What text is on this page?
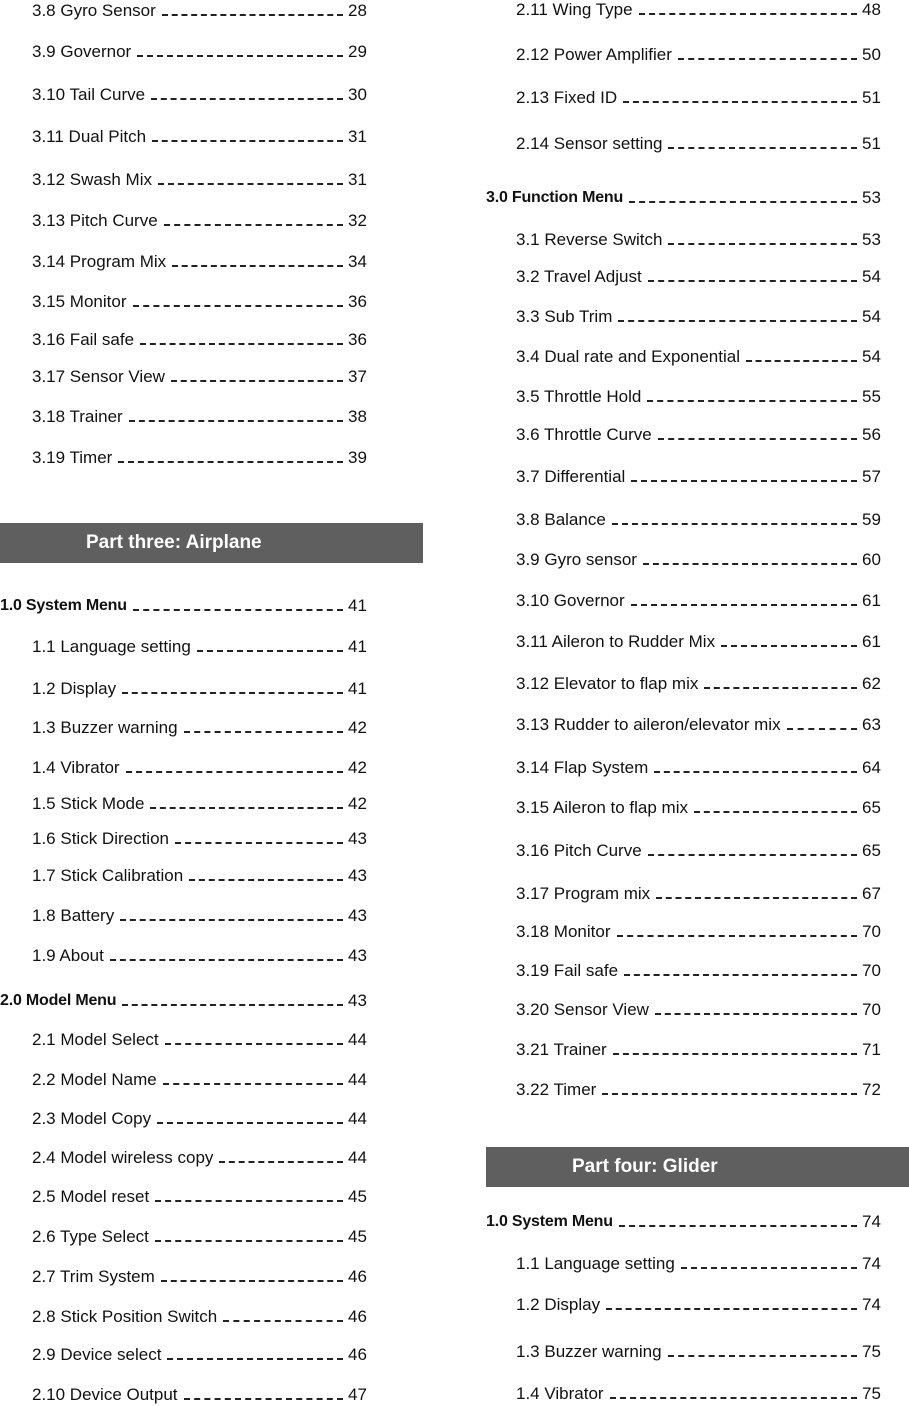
3.8 Gyro Sensor	28
3.9 Governor	29
3.10 Tail Curve	30
3.11 Dual Pitch	31
3.12 Swash Mix	31
3.13 Pitch Curve	32
3.14 Program Mix	34
3.15 Monitor	36
3.16 Fail safe	36
3.17 Sensor View	37
3.18 Trainer	38
3.19 Timer	39
Part three: Airplane
1.0 System Menu	41
1.1 Language setting	41
1.2 Display	41
1.3 Buzzer warning	42
1.4 Vibrator	42
1.5 Stick Mode	42
1.6 Stick Direction	43
1.7 Stick Calibration	43
1.8 Battery	43
1.9 About	43
2.0 Model Menu	43
2.1 Model Select	44
2.2 Model Name	44
2.3 Model Copy	44
2.4 Model wireless copy	44
2.5 Model reset	45
2.6 Type Select	45
2.7 Trim System	46
2.8 Stick Position Switch	46
2.9 Device select	46
2.10 Device Output	47
2.11 Wing Type	48
2.12 Power Amplifier	50
2.13 Fixed ID	51
2.14 Sensor setting	51
3.0 Function Menu	53
3.1 Reverse Switch	53
3.2 Travel Adjust	54
3.3 Sub Trim	54
3.4 Dual rate and Exponential	54
3.5 Throttle Hold	55
3.6 Throttle Curve	56
3.7 Differential	57
3.8 Balance	59
3.9 Gyro sensor	60
3.10 Governor	61
3.11 Aileron to Rudder Mix	61
3.12 Elevator to flap mix	62
3.13 Rudder to aileron/elevator mix	63
3.14 Flap System	64
3.15 Aileron to flap mix	65
3.16 Pitch Curve	65
3.17 Program mix	67
3.18 Monitor	70
3.19 Fail safe	70
3.20 Sensor View	70
3.21 Trainer	71
3.22 Timer	72
Part four: Glider
1.0 System Menu	74
1.1 Language setting	74
1.2 Display	74
1.3 Buzzer warning	75
1.4 Vibrator	75
